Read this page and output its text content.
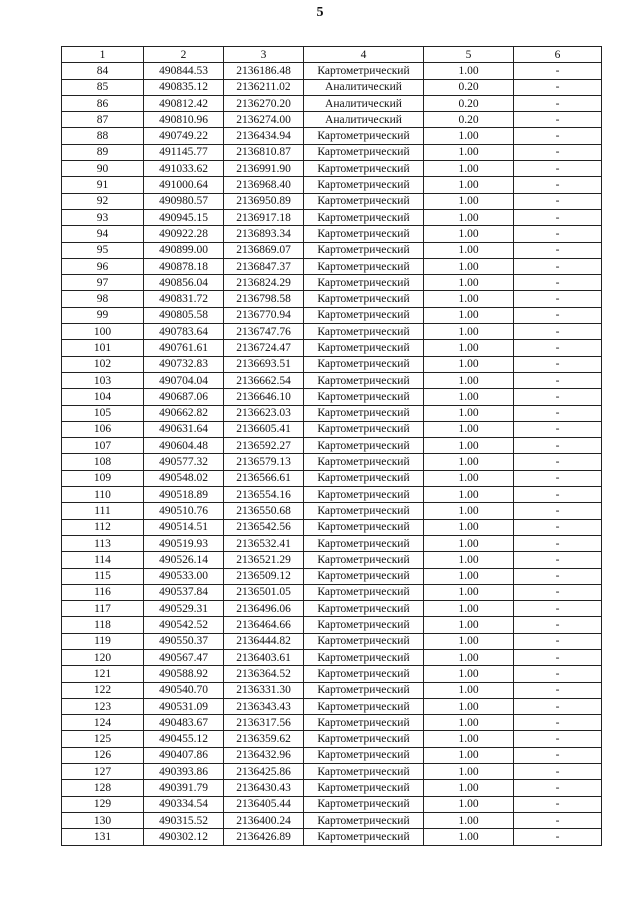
5
1	2	3	4	5	6
84	490844.53	2136186.48	Картометрический	1.00	-
85	490835.12	2136211.02	Аналитический	0.20	-
86	490812.42	2136270.20	Аналитический	0.20	-
87	490810.96	2136274.00	Аналитический	0.20	-
88	490749.22	2136434.94	Картометрический	1.00	-
89	491145.77	2136810.87	Картометрический	1.00	-
90	491033.62	2136991.90	Картометрический	1.00	-
91	491000.64	2136968.40	Картометрический	1.00	-
92	490980.57	2136950.89	Картометрический	1.00	-
93	490945.15	2136917.18	Картометрический	1.00	-
94	490922.28	2136893.34	Картометрический	1.00	-
95	490899.00	2136869.07	Картометрический	1.00	-
96	490878.18	2136847.37	Картометрический	1.00	-
97	490856.04	2136824.29	Картометрический	1.00	-
98	490831.72	2136798.58	Картометрический	1.00	-
99	490805.58	2136770.94	Картометрический	1.00	-
100	490783.64	2136747.76	Картометрический	1.00	-
101	490761.61	2136724.47	Картометрический	1.00	-
102	490732.83	2136693.51	Картометрический	1.00	-
103	490704.04	2136662.54	Картометрический	1.00	-
104	490687.06	2136646.10	Картометрический	1.00	-
105	490662.82	2136623.03	Картометрический	1.00	-
106	490631.64	2136605.41	Картометрический	1.00	-
107	490604.48	2136592.27	Картометрический	1.00	-
108	490577.32	2136579.13	Картометрический	1.00	-
109	490548.02	2136566.61	Картометрический	1.00	-
110	490518.89	2136554.16	Картометрический	1.00	-
111	490510.76	2136550.68	Картометрический	1.00	-
112	490514.51	2136542.56	Картометрический	1.00	-
113	490519.93	2136532.41	Картометрический	1.00	-
114	490526.14	2136521.29	Картометрический	1.00	-
115	490533.00	2136509.12	Картометрический	1.00	-
116	490537.84	2136501.05	Картометрический	1.00	-
117	490529.31	2136496.06	Картометрический	1.00	-
118	490542.52	2136464.66	Картометрический	1.00	-
119	490550.37	2136444.82	Картометрический	1.00	-
120	490567.47	2136403.61	Картометрический	1.00	-
121	490588.92	2136364.52	Картометрический	1.00	-
122	490540.70	2136331.30	Картометрический	1.00	-
123	490531.09	2136343.43	Картометрический	1.00	-
124	490483.67	2136317.56	Картометрический	1.00	-
125	490455.12	2136359.62	Картометрический	1.00	-
126	490407.86	2136432.96	Картометрический	1.00	-
127	490393.86	2136425.86	Картометрический	1.00	-
128	490391.79	2136430.43	Картометрический	1.00	-
129	490334.54	2136405.44	Картометрический	1.00	-
130	490315.52	2136400.24	Картометрический	1.00	-
131	490302.12	2136426.89	Картометрический	1.00	-
